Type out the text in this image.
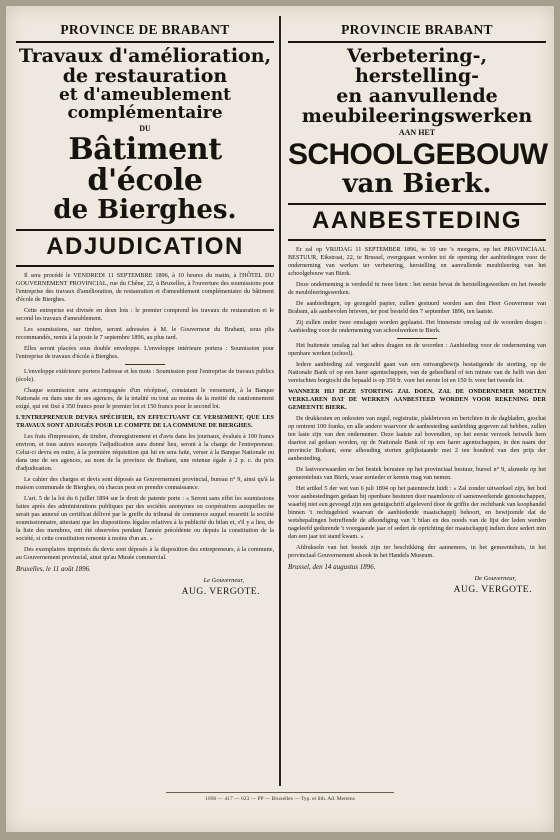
PROVINCE DE BRABANT
Travaux d'amélioration,
de restauration
et d'ameublement complémentaire
DU
Bâtiment d'école
de Bierghes.
ADJUDICATION

Il sera procédé le VENDREDI 11 SEPTEMBRE 1896, à 10 heures du matin, à l'HÔTEL DU GOUVERNEMENT PROVINCIAL, rue du Chêne, 22, à Bruxelles, à l'ouverture des soumissions pour l'entreprise des travaux d'amélioration, de restauration et d'ameublement complémentaire du bâtiment d'école de Bierghes.

Cette entreprise est divisée en deux lots : le premier comprend les travaux de restauration et le second les travaux d'ameublement.

Les soumissions, sur timbre, seront adressées à M. le Gouverneur du Brabant, sous plis recommandés, remis à la poste le 7 septembre 1896, au plus tard.

Elles seront placées sous double enveloppe. L'enveloppe intérieure portera : Soumission pour l'entreprise de travaux d'école à Bierghes.

L'enveloppe extérieure portera l'adresse et les mots : Soumission pour l'entreprise de travaux publics (école).

Chaque soumission sera accompagnée d'un récépissé, constatant le versement, à la Banque Nationale ou dans une de ses agences, de la totalité ou tout au moins de la moitié du cautionnement exigé, qui est fixé à 350 francs pour le premier lot et 150 francs pour le second lot.

L'ENTREPRENEUR DEVRA SPÉCIFIER, EN EFFECTUANT CE VERSEMENT, QUE LES TRAVAUX SONT ADJUGÉS POUR LE COMPTE DE LA COMMUNE DE BIERGHES.

Les frais d'impression, de timbre, d'enregistrement et d'avis dans les journaux, évalués à 100 francs environ, et tous autres suscepts l'adjudication aura donné lieu, seront à la charge de l'entrepreneur. Celui-ci devra en outre, à la première réquisition qui lui en sera faite, verser à la Banque Nationale ou dans une de ses agences, au nom de la province de Brabant, une retenue égale à 2 p. c. du prix d'adjudication.

Le cahier des charges et devis sont déposés au Gouvernement provincial, bureau n° 9, ainsi qu'à la maison communale de Bierghes, où chacun peut en prendre connaissance.

L'art. 5 de la loi du 6 juillet 1894 sur le droit de patente porte : « Seront sans effet les soumissions faites après des administrations publiques par des sociétés anonymes ou coopératives auxquelles ne serait pas annexé un certificat délivré par le greffe du tribunal de commerce auquel ressortit la société soumissionnaire, attestant que les dispositions légales relatives à la publicité du bilan et, s'il y a lieu, de la liste des membres, ont été observées pendant l'année précédente ou depuis la constitution de la société, si cette constitution remonte à moins d'un an. »

Des exemplaires imprimés du devis sont déposés à la disposition des entrepreneurs, à la commune, au Gouvernement provincial, ainsi qu'au Musée commercial.

Bruxelles, le 11 août 1896.
Le Gouverneur,
AUG. VERGOTE.
PROVINCIE BRABANT
Verbetering-, herstelling-
en aanvullende
meubileeringswerken
AAN HET
SCHOOLGEBOUW
van Bierk.
AANBESTEDING

Er zal op VRIJDAG 11 SEPTEMBER 1896, te 10 ure 's morgens, op het PROVINCIAAL BESTUUR, Eikstraat, 22, te Brussel, overgegaan worden tot de opening der aanbiedingen voor de onderneming van werken ter verbetering, herstelling en aanvullende meubileering van het schoolgebouw van Bierk.

Deze onderneming is verdeeld in twee loten : het eerste bevat de herstellingswerken en het tweede de meubileeringswerken.

De aanbiedingen, op gezegeld papier, zullen gestuurd worden aan den Heer Gouverneur van Brabant, als aanbevolen brieven, ter post besteld den 7 september 1896, ten laatste.

Zij zullen onder twee omslagen worden geplaatst. Het binnenste omslag zal de woorden dragen : Aanbieding voor de onderneming van schoolwerken te Bierk.

Het buitenste omslag zal het adres dragen en de woorden : Aanbieding voor de onderneming van openbare werken (school).

Iedere aanbieding zal vergezeld gaan van een ontvangbewijs bestatigende de storting, op de Nationale Bank of op een harer agentschappen, van de geheelheid of ten minste van de helft van den vereischten borgtocht die bepaald is op 350 fr. voor het eerste lot en 150 fr. voor het tweede lot.

WANNEER HIJ DEZE STORTING ZAL DOEN, ZAL DE ONDERNEMER MOETEN VERKLAREN DAT DE WERKEN AANBESTEED WORDEN VOOR REKENING DER GEMEENTE BIERK.

De drukkosten en onkosten van zegel, registratie, plakbrieven en berichten in de dagbladen, geschat op omtrent 100 franks, en alle andere waarvoor de aanbesteding aanleiding gegeven zal hebben, zullen ten laste zijn van den ondernemer. Deze laatste zal bovendien, op het eerste verzoek hetwelk hem daartoe zal gedaan worden, op de Nationale Bank of op een harer agentschappen, in den naam der provincie Brabant, eene afhouding storten gelijkstaande met 2 ten honderd van den prijs der aanbesteding.

De lastvoorwaarden en het bestek berusten op het provinciaal bestuur, bureel n° 9, alsmede op het gemeentehuis van Bierk, waar eenieder er kennis mag van nemen.

Het artikel 5 der wet van 6 juli 1894 op het patentrecht luidt : « Zal zonder uitwerksel zijn, het bod voor aanbestedingen gedaan bij openbare besturen door naamlooze of samenwerkende genootschappen, waarbij niet een gevoegd zijn een getuigschrift afgeleverd door de griffie der rechtbank van koophandel binnen 't rechtsgebied waarvan de aanbiedende maatschappij behoort, en bewijzende dat de wetsbepalingen betreffende de afkondiging van 't bilan en des noods van de lijst der leden werden nageleefd gedurende 't voorgaande jaar of sedert de oprichting der maatschappij indien deze sedert min dan een jaar tot stand kwam. »

Afdrukseln van het bestek zijn ter beschikking der aannemers, in het gemeentehuis, in het provinciaal Gouvernement alsook in het Handels Museum.

Brussel, den 14 augustus 1896.
De Gouverneur,
AUG. VERGOTE.
1896 — 417 — 623 — PP — Bruxelles — Typ. et lith. Ad. Mertens
